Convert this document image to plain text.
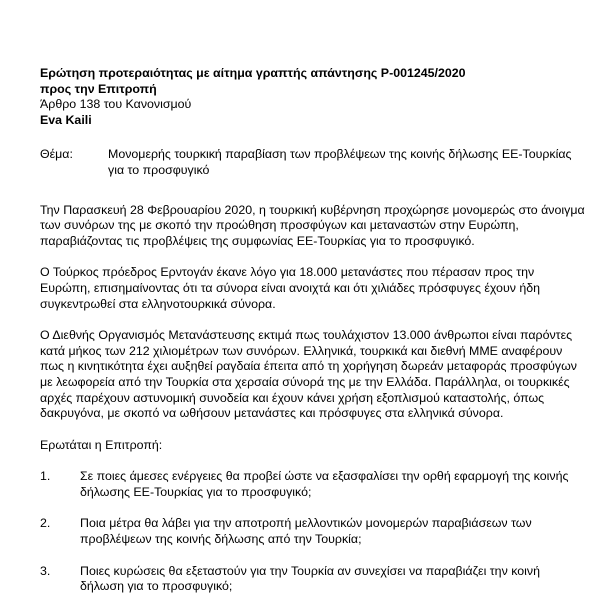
Ερώτηση προτεραιότητας με αίτημα γραπτής απάντησης P-001245/2020
προς την Επιτροπή
Άρθρο 138 του Κανονισμού
Eva Kaili
Θέμα:	Μονομερής τουρκική παραβίαση των προβλέψεων της κοινής δήλωσης ΕΕ-Τουρκίας για το προσφυγικό

Την Παρασκευή 28 Φεβρουαρίου 2020, η τουρκική κυβέρνηση προχώρησε μονομερώς στο άνοιγμα των συνόρων της με σκοπό την προώθηση προσφύγων και μεταναστών στην Ευρώπη, παραβιάζοντας τις προβλέψεις της συμφωνίας ΕΕ-Τουρκίας για το προσφυγικό.

Ο Τούρκος πρόεδρος Ερντογάν έκανε λόγο για 18.000 μετανάστες που πέρασαν προς την Ευρώπη, επισημαίνοντας ότι τα σύνορα είναι ανοιχτά και ότι χιλιάδες πρόσφυγες έχουν ήδη συγκεντρωθεί στα ελληνοτουρκικά σύνορα.

Ο Διεθνής Οργανισμός Μετανάστευσης εκτιμά πως τουλάχιστον 13.000 άνθρωποι είναι παρόντες κατά μήκος των 212 χιλιομέτρων των συνόρων. Ελληνικά, τουρκικά και διεθνή ΜΜΕ αναφέρουν πως η κινητικότητα έχει αυξηθεί ραγδαία έπειτα από τη χορήγηση δωρεάν μεταφοράς προσφύγων με λεωφορεία από την Τουρκία στα χερσαία σύνορά της με την Ελλάδα. Παράλληλα, οι τουρκικές αρχές παρέχουν αστυνομική συνοδεία και έχουν κάνει χρήση εξοπλισμού καταστολής, όπως δακρυγόνα, με σκοπό να ωθήσουν μετανάστες και πρόσφυγες στα ελληνικά σύνορα.

Ερωτάται η Επιτροπή:

1.	Σε ποιες άμεσες ενέργειες θα προβεί ώστε να εξασφαλίσει την ορθή εφαρμογή της κοινής δήλωσης ΕΕ-Τουρκίας για το προσφυγικό;
2.	Ποια μέτρα θα λάβει για την αποτροπή μελλοντικών μονομερών παραβιάσεων των προβλέψεων της κοινής δήλωσης από την Τουρκία;
3.	Ποιες κυρώσεις θα εξεταστούν για την Τουρκία αν συνεχίσει να παραβιάζει την κοινή δήλωση για το προσφυγικό;
